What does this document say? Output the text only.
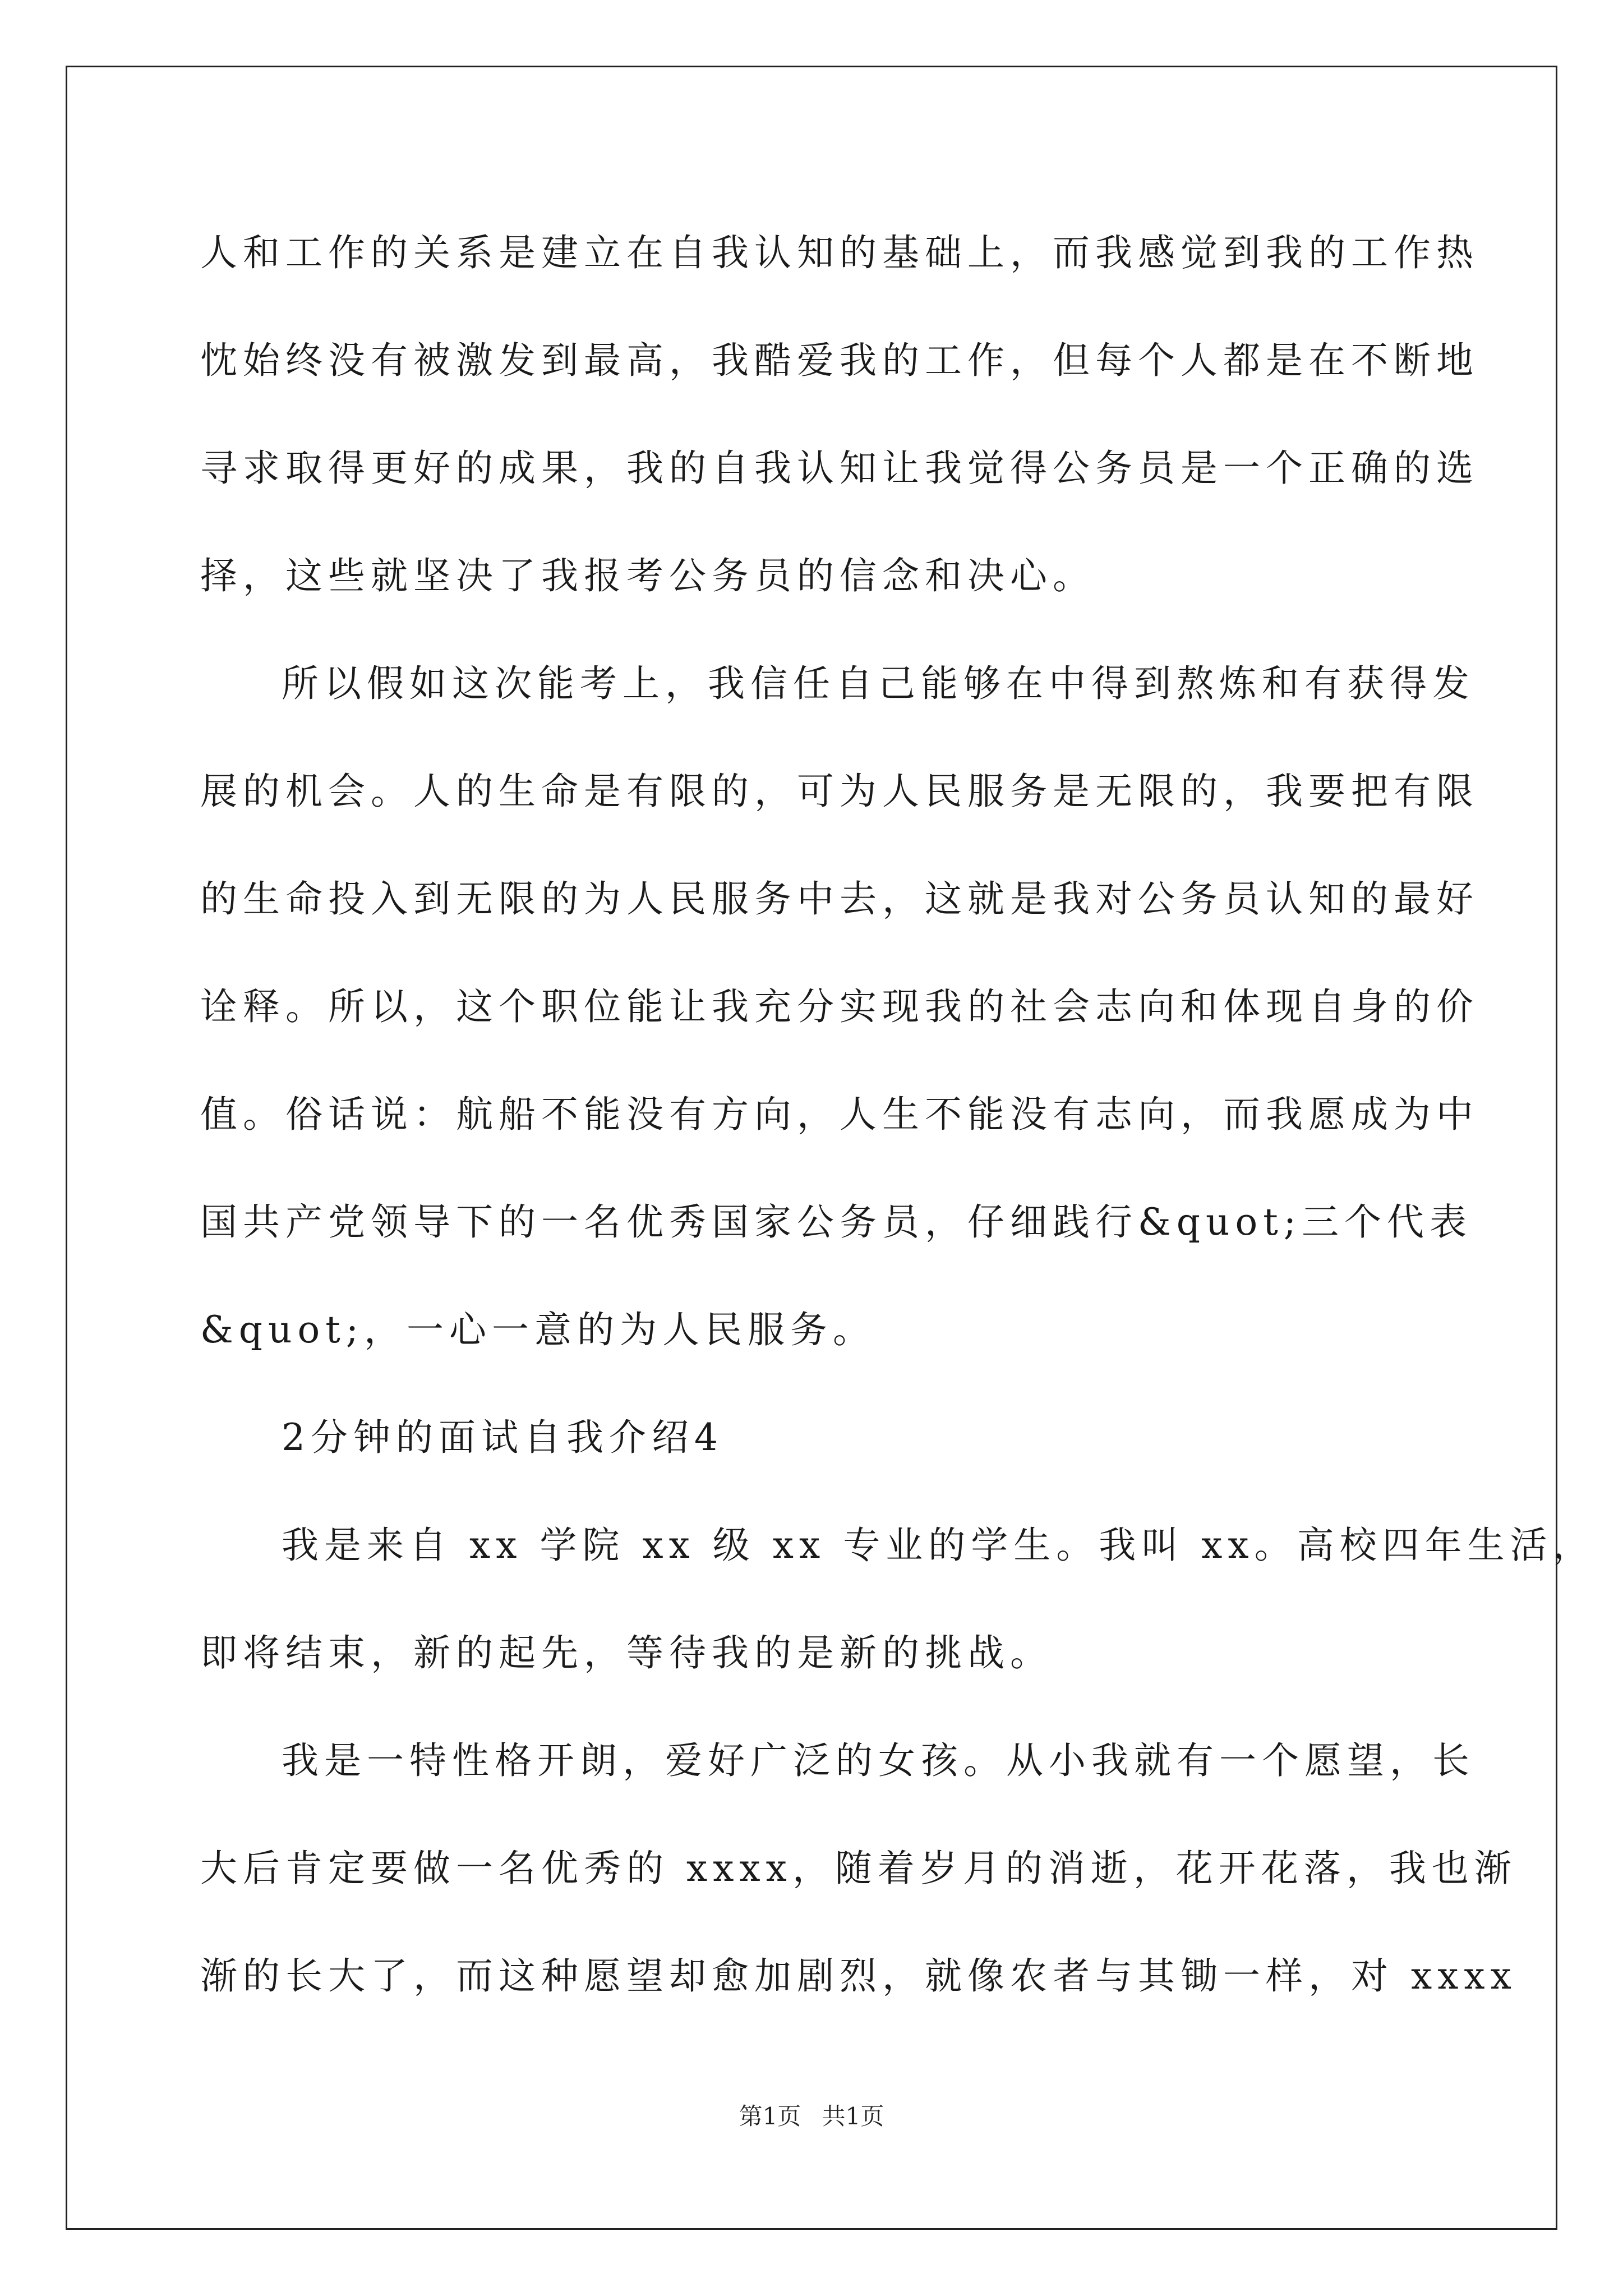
人和工作的关系是建立在自我认知的基础上，而我感觉到我的工作热
忱始终没有被激发到最高，我酷爱我的工作，但每个人都是在不断地
寻求取得更好的成果，我的自我认知让我觉得公务员是一个正确的选
择，这些就坚决了我报考公务员的信念和决心。
所以假如这次能考上，我信任自己能够在中得到熬炼和有获得发
展的机会。人的生命是有限的，可为人民服务是无限的，我要把有限
的生命投入到无限的为人民服务中去，这就是我对公务员认知的最好
诠释。所以，这个职位能让我充分实现我的社会志向和体现自身的价
值。俗话说：航船不能没有方向，人生不能没有志向，而我愿成为中
国共产党领导下的一名优秀国家公务员，仔细践行&quot;三个代表
&quot;，一心一意的为人民服务。
2分钟的面试自我介绍4
我是来自 xx 学院 xx 级 xx 专业的学生。我叫 xx。高校四年生活，
即将结束，新的起先，等待我的是新的挑战。
我是一特性格开朗，爱好广泛的女孩。从小我就有一个愿望，长
大后肯定要做一名优秀的 xxxx，随着岁月的消逝，花开花落，我也渐
渐的长大了，而这种愿望却愈加剧烈，就像农者与其锄一样，对 xxxx
第1页 共1页
